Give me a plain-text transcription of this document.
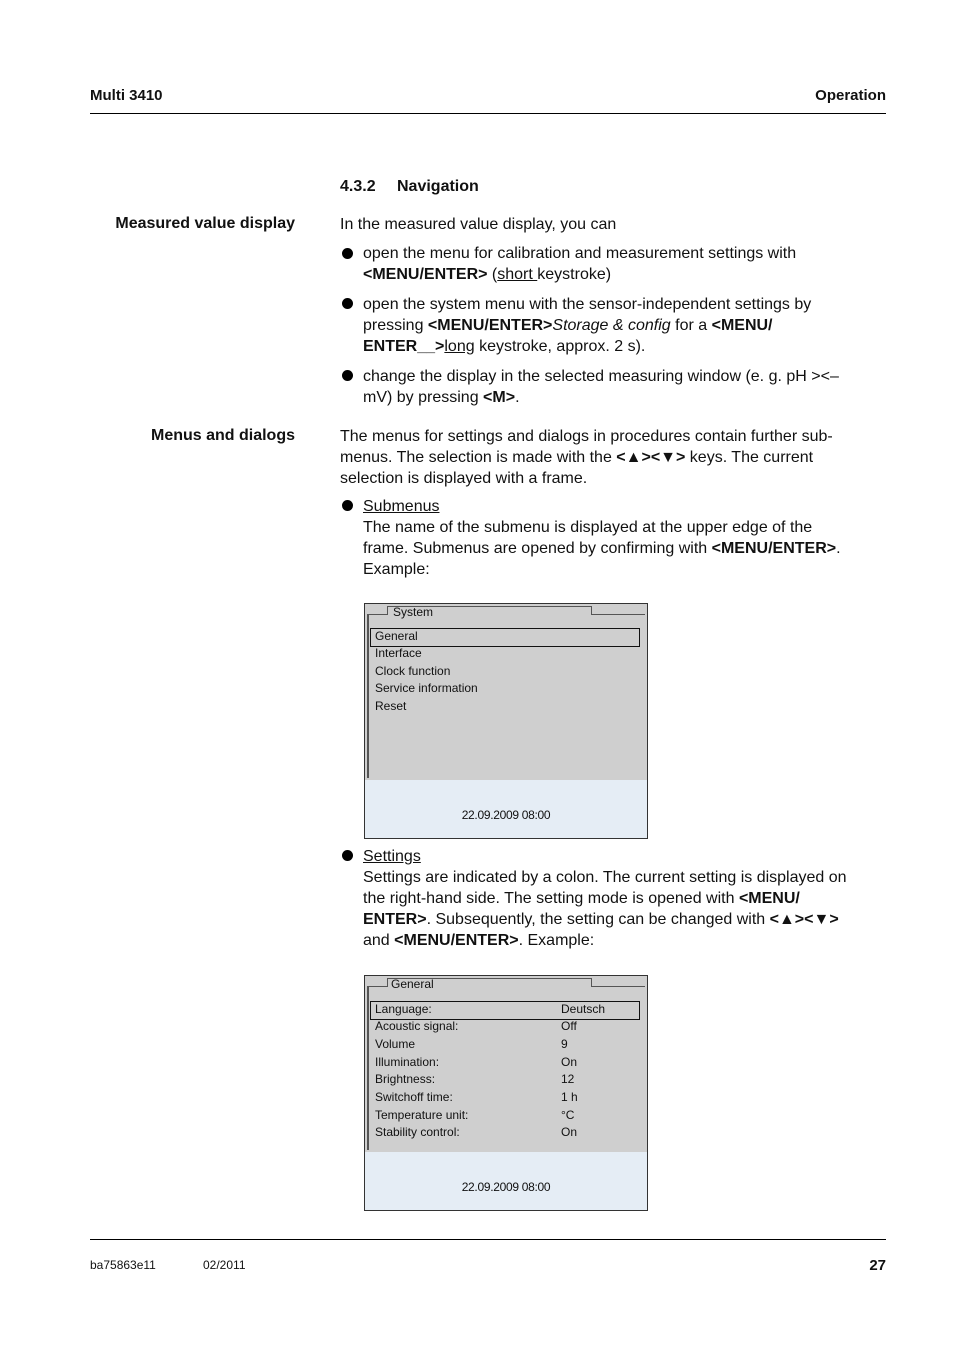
Multi 3410	Operation
4.3.2 Navigation
Measured value display	In the measured value display, you can
open the menu for calibration and measurement settings with
<MENU/ENTER> (short keystroke)
open the system menu with the sensor-independent settings by
pressing <MENU/ENTER>Storage & config for a <MENU/
ENTER__>long keystroke, approx. 2 s).
change the display in the selected measuring window (e. g. pH ><–
mV) by pressing <M>.
Menus and dialogs	The menus for settings and dialogs in procedures contain further sub-
menus. The selection is made with the <▲><▼> keys. The current
selection is displayed with a frame.
Submenus
The name of the submenu is displayed at the upper edge of the
frame. Submenus are opened by confirming with <MENU/ENTER>.
Example:
System
General
Interface
Clock function
Service information
Reset
22.09.2009 08:00
Settings
Settings are indicated by a colon. The current setting is displayed on
the right-hand side. The setting mode is opened with <MENU/
ENTER>. Subsequently, the setting can be changed with <▲><▼>
and <MENU/ENTER>. Example:
General
Language:	Deutsch
Acoustic signal:	Off
Volume	9
Illumination:	On
Brightness:	12
Switchoff time:	1 h
Temperature unit:	°C
Stability control:	On
22.09.2009 08:00
ba75863e11	02/2011	27
